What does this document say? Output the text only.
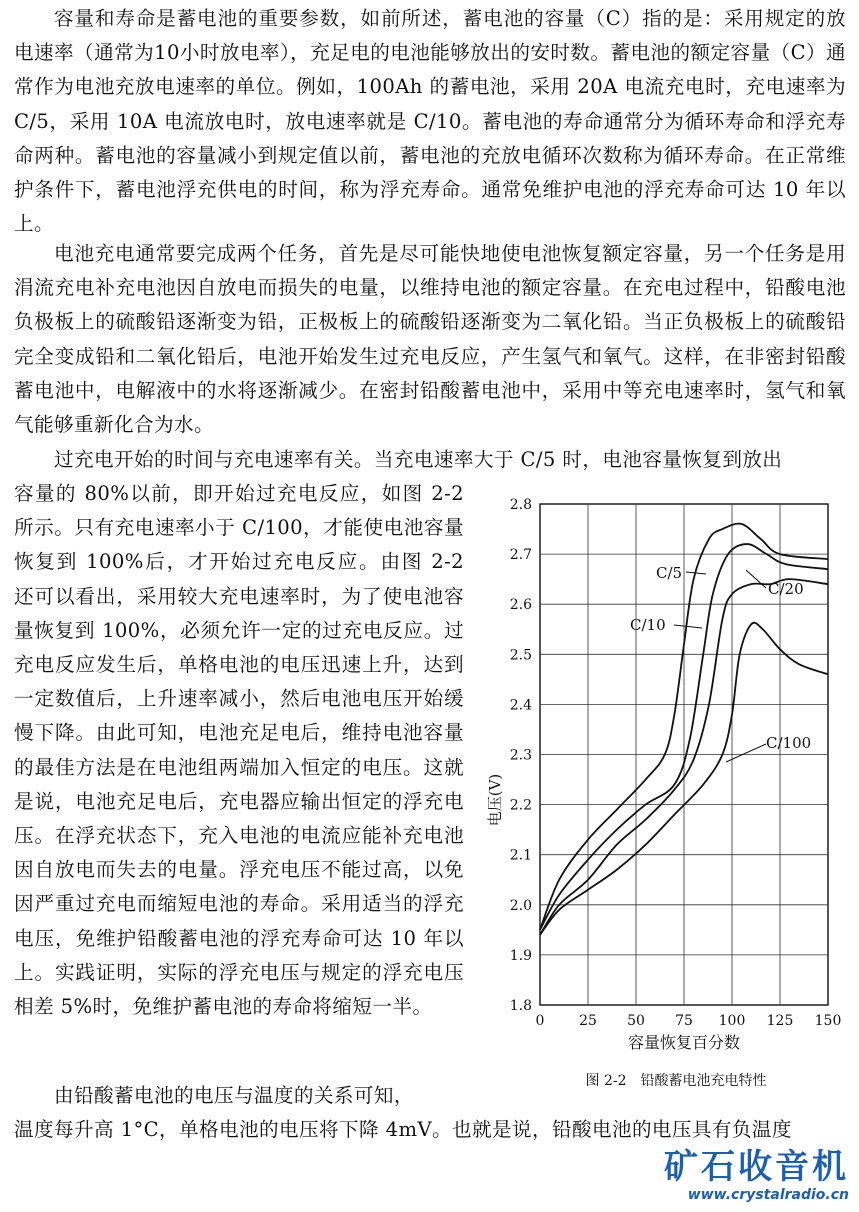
容量和寿命是蓄电池的重要参数，如前所述，蓄电池的容量（C）指的是：采用规定的放电速率（通常为10小时放电率），充足电的电池能够放出的安时数。蓄电池的额定容量（C）通常作为电池充放电速率的单位。例如，100Ah 的蓄电池，采用 20A 电流充电时，充电速率为 C/5，采用 10A 电流放电时，放电速率就是 C/10。蓄电池的寿命通常分为循环寿命和浮充寿命两种。蓄电池的容量减小到规定值以前，蓄电池的充放电循环次数称为循环寿命。在正常维护条件下，蓄电池浮充供电的时间，称为浮充寿命。通常免维护电池的浮充寿命可达 10 年以上。

电池充电通常要完成两个任务，首先是尽可能快地使电池恢复额定容量，另一个任务是用涓流充电补充电池因自放电而损失的电量，以维持电池的额定容量。在充电过程中，铅酸电池负极板上的硫酸铅逐渐变为铅，正极板上的硫酸铅逐渐变为二氧化铅。当正负极板上的硫酸铅完全变成铅和二氧化铅后，电池开始发生过充电反应，产生氢气和氧气。这样，在非密封铅酸蓄电池中，电解液中的水将逐渐减少。在密封铅酸蓄电池中，采用中等充电速率时，氢气和氧气能够重新化合为水。

过充电开始的时间与充电速率有关。当充电速率大于 C/5 时，电池容量恢复到放出

容量的 80%以前，即开始过充电反应，如图 2-2 所示。只有充电速率小于 C/100，才能使电池容量恢复到 100%后，才开始过充电反应。由图 2-2 还可以看出，采用较大充电速率时，为了使电池容量恢复到 100%，必须允许一定的过充电反应。过充电反应发生后，单格电池的电压迅速上升，达到一定数值后，上升速率减小，然后电池电压开始缓慢下降。由此可知，电池充足电后，维持电池容量的最佳方法是在电池组两端加入恒定的电压。这就是说，电池充足电后，充电器应输出恒定的浮充电压。在浮充状态下，充入电池的电流应能补充电池因自放电而失去的电量。浮充电压不能过高，以免因严重过充电而缩短电池的寿命。采用适当的浮充电压，免维护铅酸蓄电池的浮充寿命可达 10 年以上。实践证明，实际的浮充电压与规定的浮充电压相差 5%时，免维护蓄电池的寿命将缩短一半。

由铅酸蓄电池的电压与温度的关系可知，

温度每升高 1°C，单格电池的电压将下降 4mV。也就是说，铅酸电池的电压具有负温度

1.8
1.9
2.0
2.1
2.2
2.3
2.4
2.5
2.6
2.7
2.8
0 25 50 75 100 125 150
C/5
C/20
C/10
C/100
电压(V)
容量恢复百分数
图 2-2　铅酸蓄电池充电特性
矿石收音机
www.crystalradio.cn
